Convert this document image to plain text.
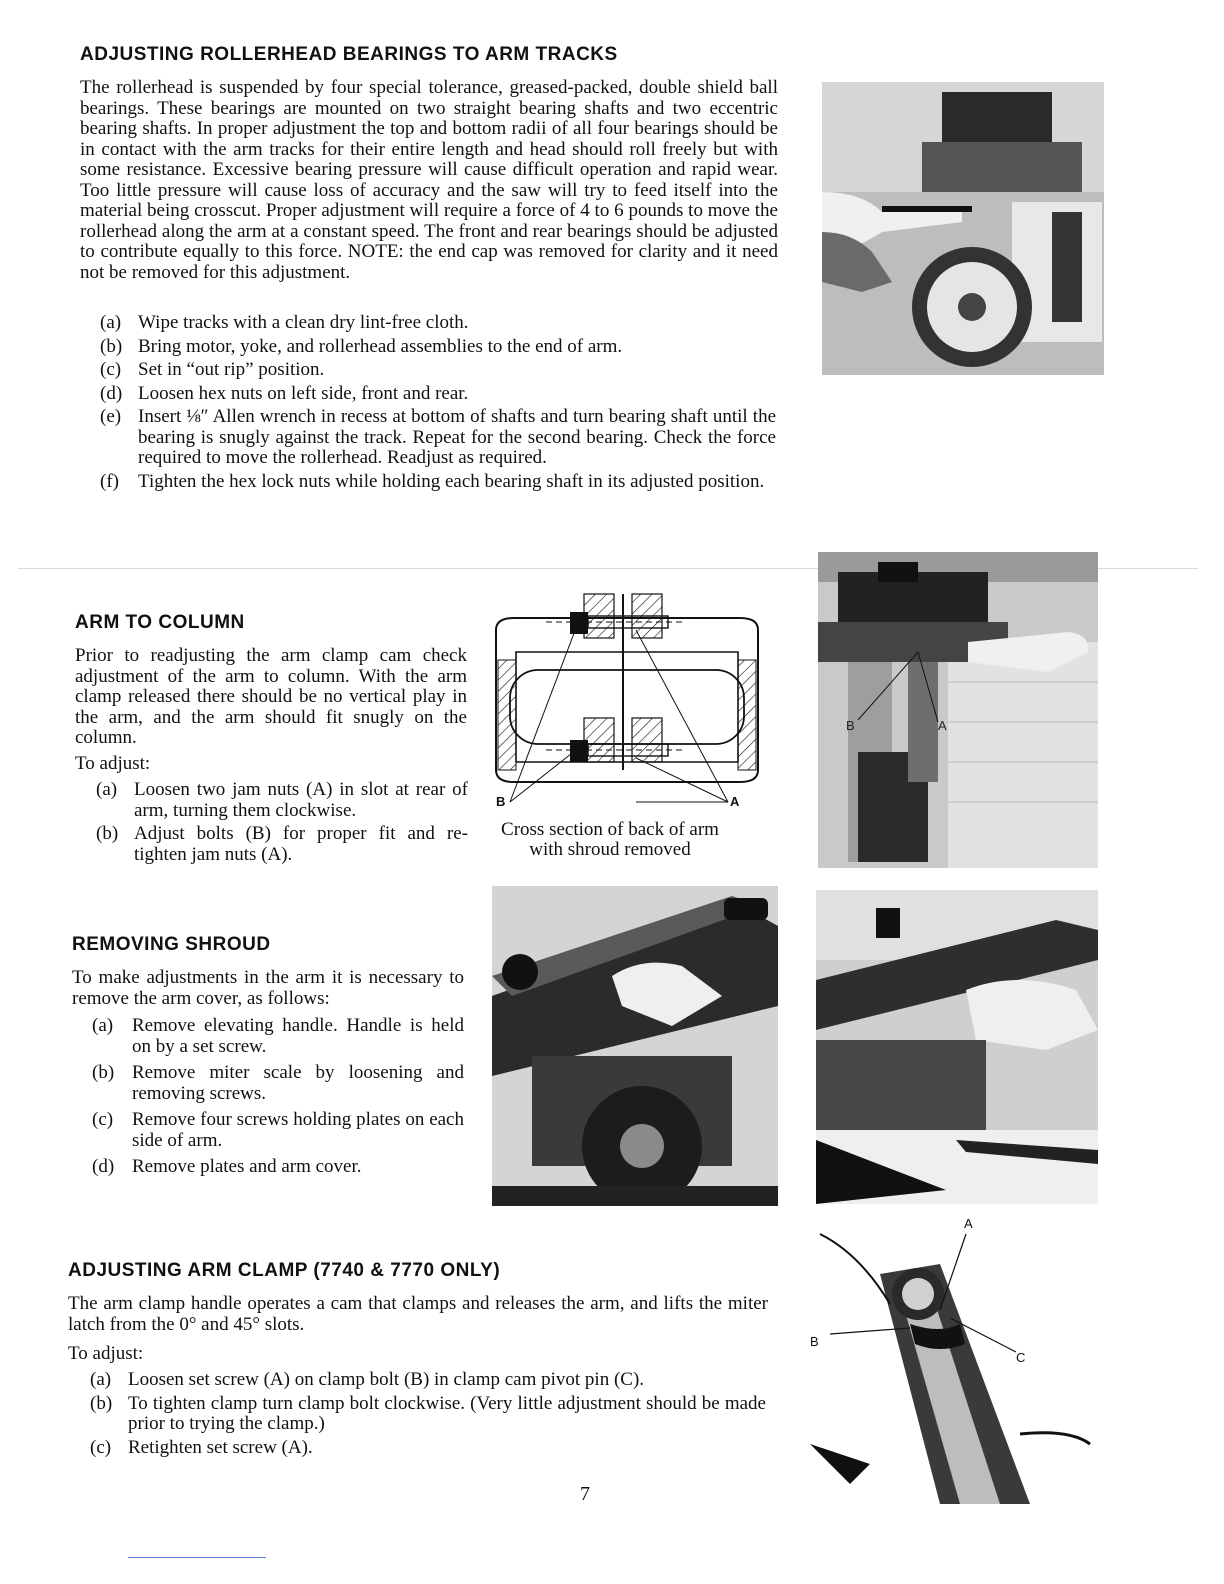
ADJUSTING ROLLERHEAD BEARINGS TO ARM TRACKS
The rollerhead is suspended by four special tolerance, greased-packed, double shield ball bearings. These bearings are mounted on two straight bearing shafts and two eccentric bearing shafts. In proper adjustment the top and bottom radii of all four bearings should be in contact with the arm tracks for their entire length and head should roll freely but with some resistance. Excessive bearing pressure will cause difficult operation and rapid wear. Too little pressure will cause loss of accuracy and the saw will try to feed itself into the material being crosscut. Proper adjustment will require a force of 4 to 6 pounds to move the rollerhead along the arm at a constant speed. The front and rear bearings should be adjusted to contribute equally to this force. NOTE: the end cap was removed for clarity and it need not be removed for this adjustment.
(a) Wipe tracks with a clean dry lint-free cloth.
(b) Bring motor, yoke, and rollerhead assemblies to the end of arm.
(c) Set in “out rip” position.
(d) Loosen hex nuts on left side, front and rear.
(e) Insert ⅛″ Allen wrench in recess at bottom of shafts and turn bearing shaft until the bearing is snugly against the track. Repeat for the second bearing. Check the force required to move the rollerhead. Readjust as required.
(f)	Tighten the hex lock nuts while holding each bearing shaft in its adjusted position.
ARM TO COLUMN
Prior to readjusting the arm clamp cam check adjustment of the arm to column. With the arm clamp released there should be no vertical play in the arm, and the arm should fit snugly on the column.
To adjust:
(a) Loosen two jam nuts (A) in slot at rear of arm, turning them clockwise.
(b) Adjust bolts (B) for proper fit and re-tighten jam nuts (A).
B	A
Cross section of back of arm
with shroud removed
B	A
REMOVING SHROUD
To make adjustments in the arm it is necessary to remove the arm cover, as follows:
(a) Remove elevating handle. Handle is held on by a set screw.
(b) Remove miter scale by loosening and removing screws.
(c) Remove four screws holding plates on each side of arm.
(d) Remove plates and arm cover.
ADJUSTING ARM CLAMP (7740 & 7770 ONLY)
The arm clamp handle operates a cam that clamps and releases the arm, and lifts the miter latch from the 0° and 45° slots.
To adjust:
(a) Loosen set screw (A) on clamp bolt (B) in clamp cam pivot pin (C).
(b) To tighten clamp turn clamp bolt clockwise. (Very little adjustment should be made prior to trying the clamp.)
(c) Retighten set screw (A).
A
B
C
7
